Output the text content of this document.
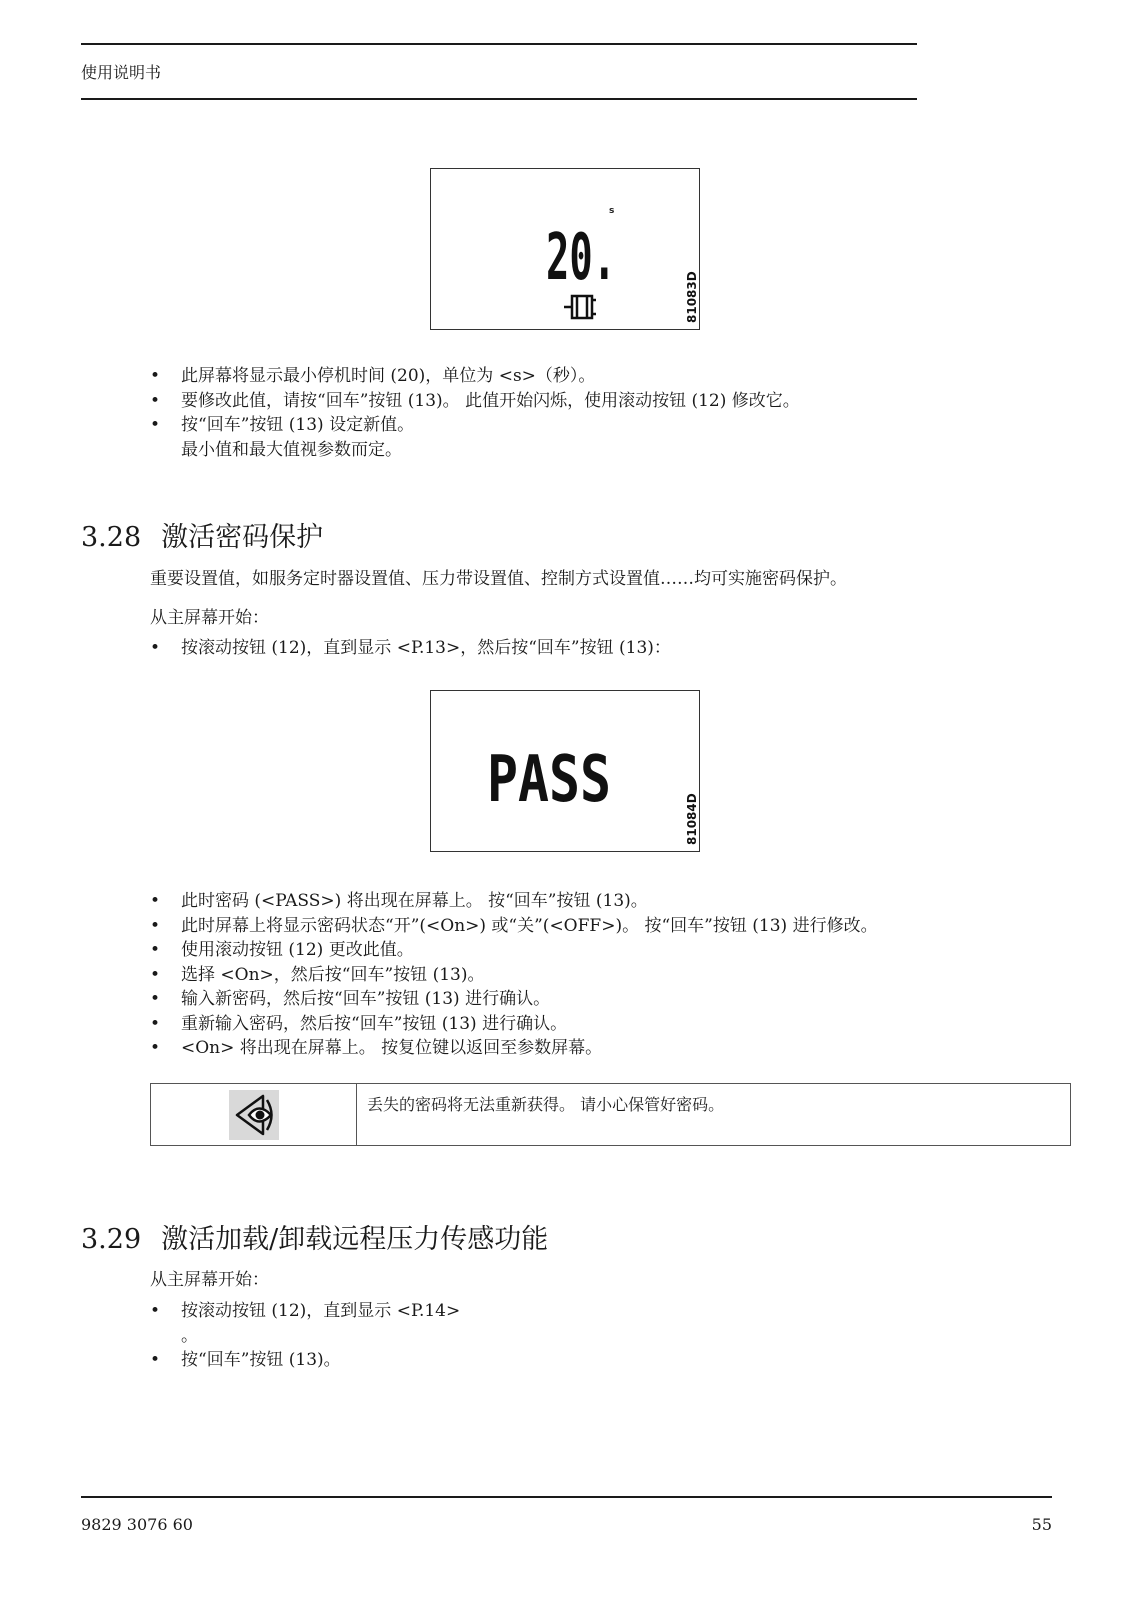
使用说明书
s
20.
81083D
• 此屏幕将显示最小停机时间 (20)，单位为 <s>（秒）。
• 要修改此值，请按“回车”按钮 (13)。 此值开始闪烁，使用滚动按钮 (12) 修改它。
• 按“回车”按钮 (13) 设定新值。
最小值和最大值视参数而定。
3.28 激活密码保护
重要设置值，如服务定时器设置值、压力带设置值、控制方式设置值……均可实施密码保护。
从主屏幕开始：
• 按滚动按钮 (12)，直到显示 <P.13>，然后按“回车”按钮 (13)：
PASS
81084D
• 此时密码 (<PASS>) 将出现在屏幕上。 按“回车”按钮 (13)。
• 此时屏幕上将显示密码状态“开”(<On>) 或“关”(<OFF>)。 按“回车”按钮 (13) 进行修改。
• 使用滚动按钮 (12) 更改此值。
• 选择 <On>，然后按“回车”按钮 (13)。
• 输入新密码，然后按“回车”按钮 (13) 进行确认。
• 重新输入密码，然后按“回车”按钮 (13) 进行确认。
• <On> 将出现在屏幕上。 按复位键以返回至参数屏幕。
丢失的密码将无法重新获得。 请小心保管好密码。
3.29 激活加载/卸载远程压力传感功能
从主屏幕开始：
• 按滚动按钮 (12)，直到显示 <P.14>
。
• 按“回车”按钮 (13)。
9829 3076 60	55
